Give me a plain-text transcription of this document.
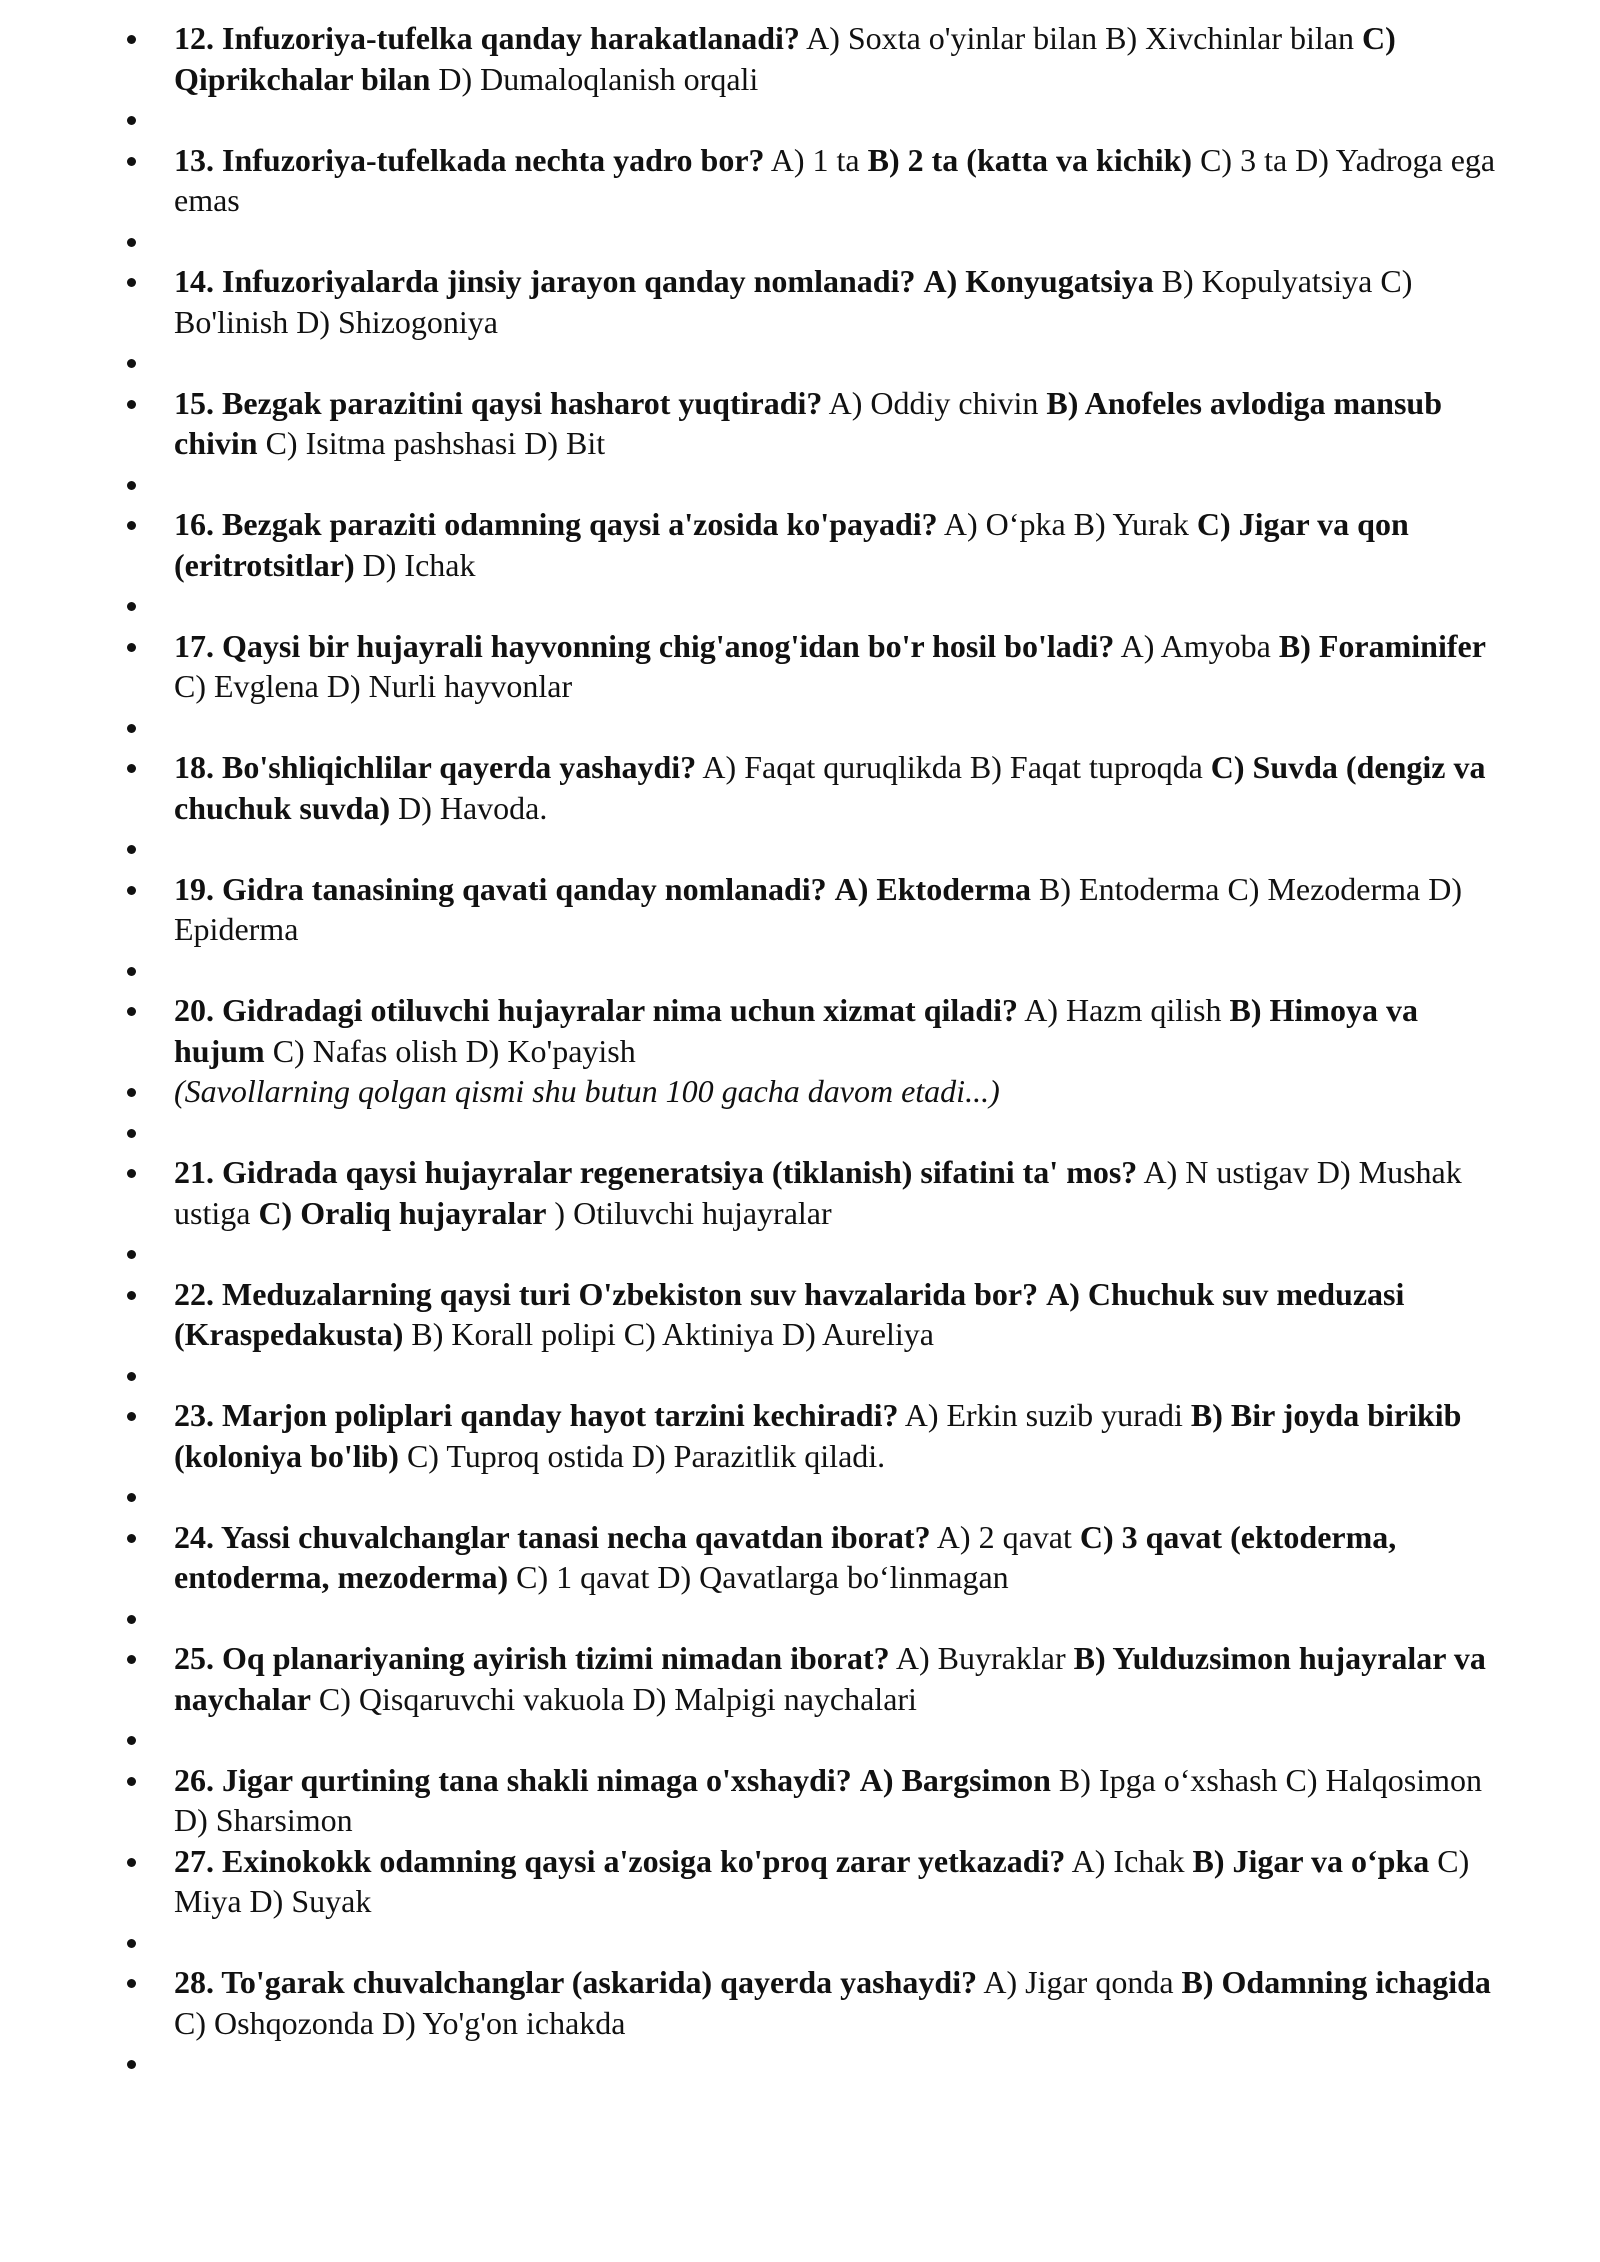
12. Infuzoriya-tufelka qanday harakatlanadi? A) Soxta o'yinlar bilan B) Xivchinlar bilan C) Qiprikchalar bilan D) Dumaloqlanish orqali
13. Infuzoriya-tufelkada nechta yadro bor? A) 1 ta B) 2 ta (katta va kichik) C) 3 ta D) Yadroga ega emas
14. Infuzoriyalarda jinsiy jarayon qanday nomlanadi? A) Konyugatsiya B) Kopulyatsiya C) Bo'linish D) Shizogoniya
15. Bezgak parazitini qaysi hasharot yuqtiradi? A) Oddiy chivin B) Anofeles avlodiga mansub chivin C) Isitma pashshasi D) Bit
16. Bezgak paraziti odamning qaysi a'zosida ko'payadi? A) O‘pka B) Yurak C) Jigar va qon (eritrotsitlar) D) Ichak
17. Qaysi bir hujayrali hayvonning chig'anog'idan bo'r hosil bo'ladi? A) Amyoba B) Foraminifer C) Evglena D) Nurli hayvonlar
18. Bo'shliqichlilar qayerda yashaydi? A) Faqat quruqlikda B) Faqat tuproqda C) Suvda (dengiz va chuchuk suvda) D) Havoda.
19. Gidra tanasining qavati qanday nomlanadi? A) Ektoderma B) Entoderma C) Mezoderma D) Epiderma
20. Gidradagi otiluvchi hujayralar nima uchun xizmat qiladi? A) Hazm qilish B) Himoya va hujum C) Nafas olish D) Ko'payish
(Savollarning qolgan qismi shu butun 100 gacha davom etadi...)
21. Gidrada qaysi hujayralar regeneratsiya (tiklanish) sifatini ta' mos? A) N ustigav D) Mushak ustiga C) Oraliq hujayralar ) Otiluvchi hujayralar
22. Meduzalarning qaysi turi O'zbekiston suv havzalarida bor? A) Chuchuk suv meduzasi (Kraspedakusta) B) Korall polipi C) Aktiniya D) Aureliya
23. Marjon poliplari qanday hayot tarzini kechiradi? A) Erkin suzib yuradi B) Bir joyda birikib (koloniya bo'lib) C) Tuproq ostida D) Parazitlik qiladi.
24. Yassi chuvalchanglar tanasi necha qavatdan iborat? A) 2 qavat C) 3 qavat (ektoderma, entoderma, mezoderma) C) 1 qavat D) Qavatlarga bo‘linmagan
25. Oq planariyaning ayirish tizimi nimadan iborat? A) Buyraklar B) Yulduzsimon hujayralar va naychalar C) Qisqaruvchi vakuola D) Malpigi naychalari
26. Jigar qurtining tana shakli nimaga o'xshaydi? A) Bargsimon B) Ipga o‘xshash C) Halqosimon D) Sharsimon
27. Exinokokk odamning qaysi a'zosiga ko'proq zarar yetkazadi? A) Ichak B) Jigar va o‘pka C) Miya D) Suyak
28. To'garak chuvalchanglar (askarida) qayerda yashaydi? A) Jigar qonda B) Odamning ichagida C) Oshqozonda D) Yo'g'on ichakda
